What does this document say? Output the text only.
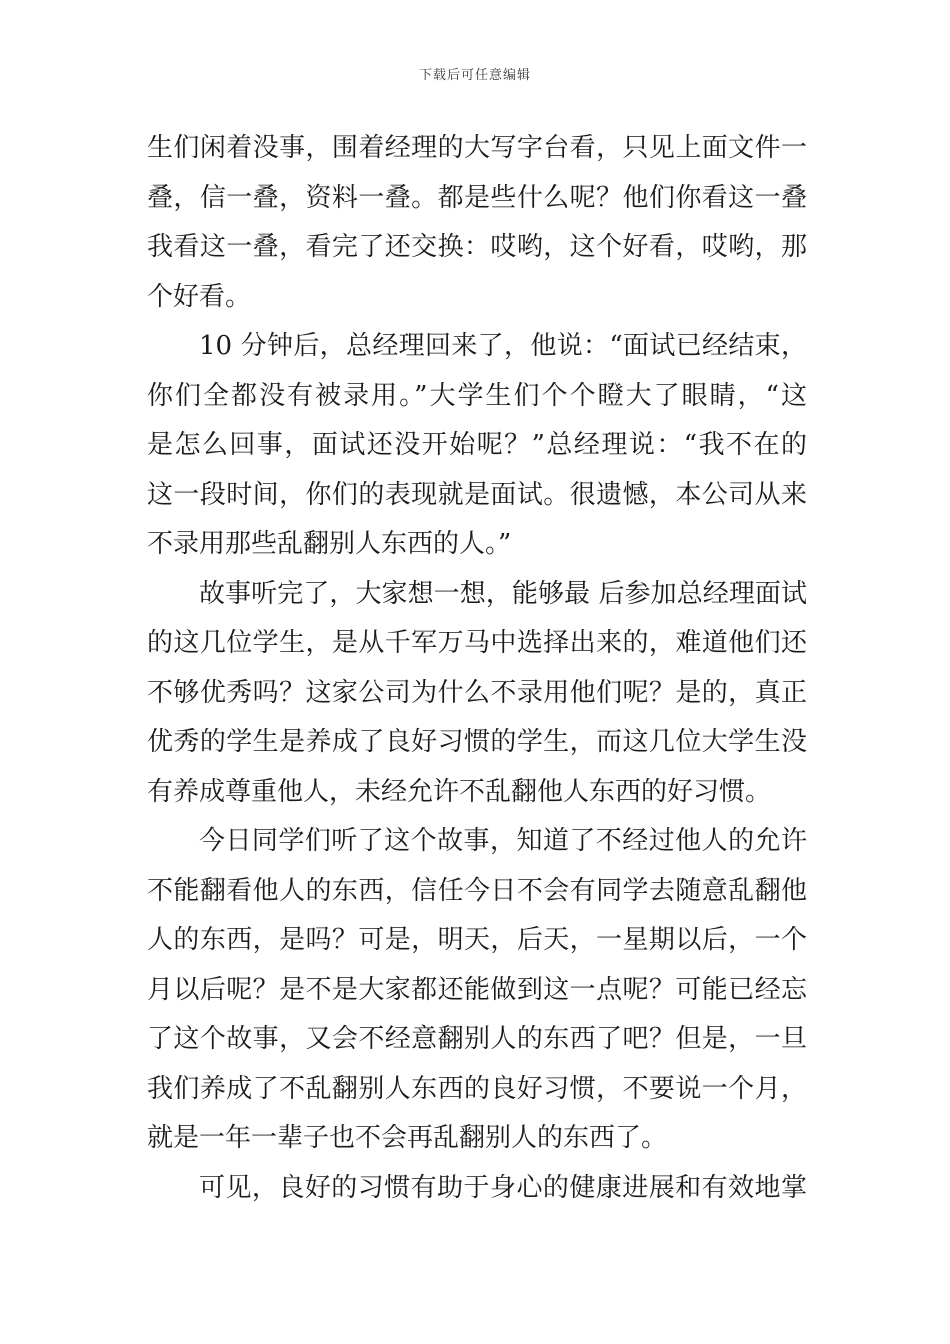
下载后可任意编辑
生们闲着没事，围着经理的大写字台看，只见上面文件一
叠，信一叠，资料一叠。都是些什么呢？他们你看这一叠
我看这一叠，看完了还交换：哎哟，这个好看，哎哟，那
个好看。
10 分钟后，总经理回来了，他说：“面试已经结束，
你们全都没有被录用。”大学生们个个瞪大了眼睛，“这
是怎么回事，面试还没开始呢？”总经理说：“我不在的
这一段时间，你们的表现就是面试。很遗憾，本公司从来
不录用那些乱翻别人东西的人。”
故事听完了，大家想一想，能够最 后参加总经理面试
的这几位学生，是从千军万马中选择出来的，难道他们还
不够优秀吗？这家公司为什么不录用他们呢？是的，真正
优秀的学生是养成了良好习惯的学生，而这几位大学生没
有养成尊重他人，未经允许不乱翻他人东西的好习惯。
今日同学们听了这个故事，知道了不经过他人的允许
不能翻看他人的东西，信任今日不会有同学去随意乱翻他
人的东西，是吗？可是，明天，后天，一星期以后，一个
月以后呢？是不是大家都还能做到这一点呢？可能已经忘
了这个故事，又会不经意翻别人的东西了吧？但是，一旦
我们养成了不乱翻别人东西的良好习惯，不要说一个月，
就是一年一辈子也不会再乱翻别人的东西了。
可见，良好的习惯有助于身心的健康进展和有效地掌
